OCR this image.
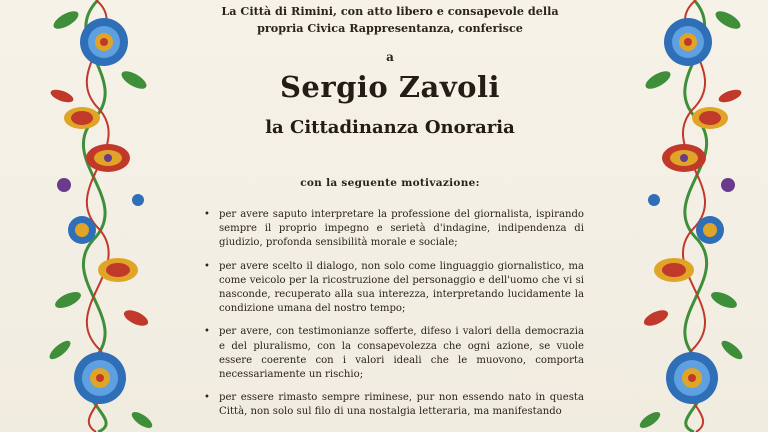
La Città di Rimini, con atto libero e consapevole della
propria Civica Rappresentanza, conferisce
a
Sergio Zavoli
la Cittadinanza Onoraria
con la seguente motivazione:
• per avere saputo interpretare la professione del giornalista, ispirando sempre il proprio impegno e serietà d'indagine, indipendenza di giudizio, profonda sensibilità morale e sociale;
• per avere scelto il dialogo, non solo come linguaggio giornalistico, ma come veicolo per la ricostruzione del personaggio e dell'uomo che vi si nasconde, recuperato alla sua interezza, interpretando lucidamente la condizione umana del nostro tempo;
• per avere, con testimonianze sofferte, difeso i valori della democrazia e del pluralismo, con la consapevolezza che ogni azione, se vuole essere coerente con i valori ideali che le muovono, comporta necessariamente un rischio;
• per essere rimasto sempre riminese, pur non essendo nato in questa Città, non solo sul filo di una nostalgia letteraria, ma manifestando
